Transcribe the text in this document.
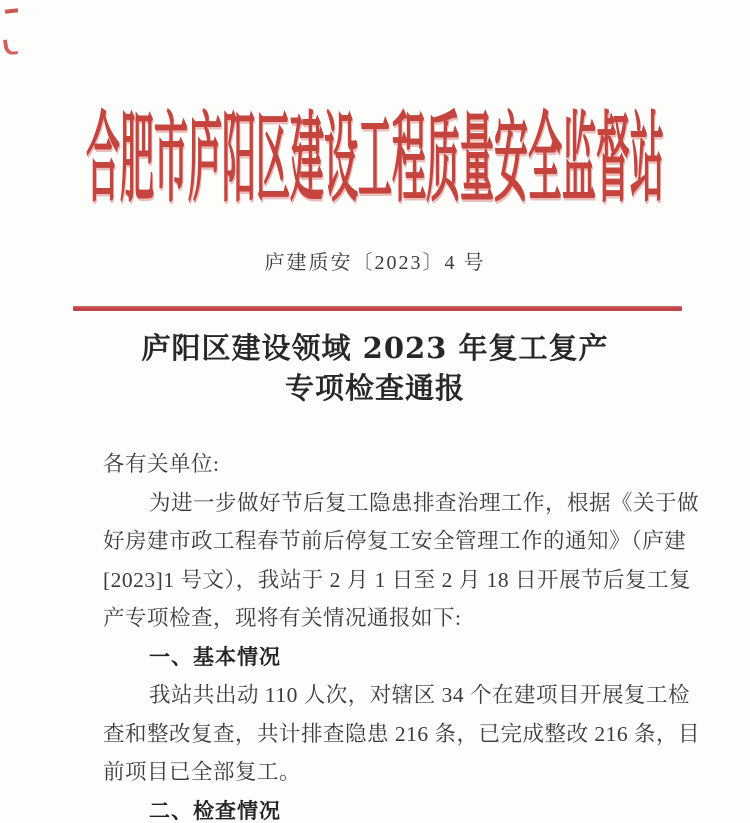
合肥市庐阳区建设工程质量安全监督站
庐建质安〔2023〕4 号
庐阳区建设领域 2023 年复工复产
专项检查通报
各有关单位:
为进一步做好节后复工隐患排查治理工作，根据《关于做
好房建市政工程春节前后停复工安全管理工作的通知》（庐建
[2023]1 号文），我站于 2 月 1 日至 2 月 18 日开展节后复工复
产专项检查，现将有关情况通报如下:
一、基本情况
我站共出动 110 人次，对辖区 34 个在建项目开展复工检
查和整改复查，共计排查隐患 216 条，已完成整改 216 条，目
前项目已全部复工。
二、检查情况
